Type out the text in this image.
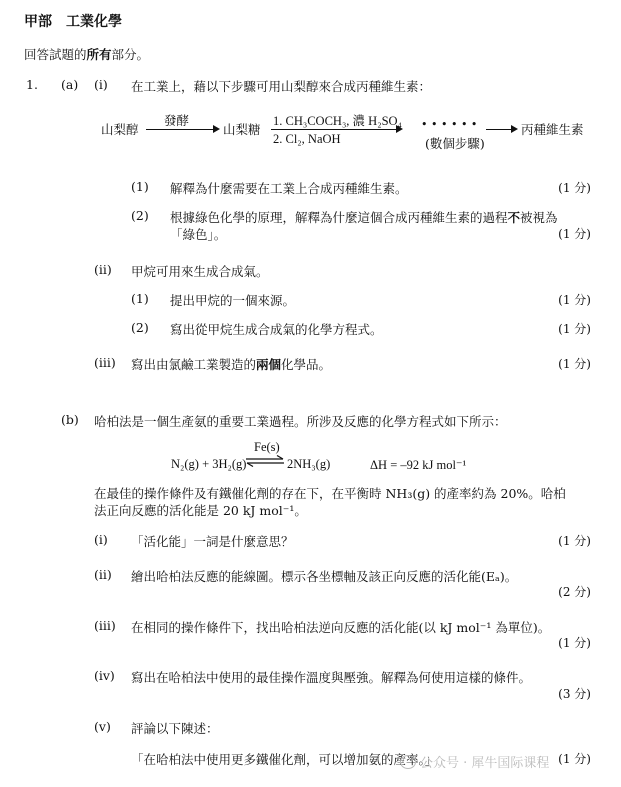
甲部　工業化學
回答試題的所有部分。
1. (a) (i) 在工業上，藉以下步驟可用山梨醇來合成丙種維生素：
山梨醇
發酵
山梨糖
1. CH₃COCH₃, 濃 H₂SO₄
2. Cl₂, NaOH
• • • • • •
(數個步驟)
丙種維生素
(1) 解釋為什麼需要在工業上合成丙種維生素。	(1 分)
(2) 根據綠色化學的原理，解釋為什麼這個合成丙種維生素的過程不被視為
「綠色」。	(1 分)
(ii) 甲烷可用來生成合成氣。
(1) 提出甲烷的一個來源。	(1 分)
(2) 寫出從甲烷生成合成氣的化學方程式。	(1 分)
(iii) 寫出由氯鹼工業製造的兩個化學品。	(1 分)
(b) 哈柏法是一個生產氨的重要工業過程。所涉及反應的化學方程式如下所示：
N₂(g) + 3H₂(g)
Fe(s)
⇌ 2NH₃(g)	ΔH = –92 kJ mol⁻¹
在最佳的操作條件及有鐵催化劑的存在下，在平衡時 NH₃(g) 的產率約為 20%。哈柏
法正向反應的活化能是 20 kJ mol⁻¹。
(i) 「活化能」一詞是什麼意思？	(1 分)
(ii) 繪出哈柏法反應的能線圖。標示各坐標軸及該正向反應的活化能(Eₐ)。
(2 分)
(iii) 在相同的操作條件下，找出哈柏法逆向反應的活化能(以 kJ mol⁻¹ 為單位)。
(1 分)
(iv) 寫出在哈柏法中使用的最佳操作溫度與壓強。解釋為何使用這樣的條件。
(3 分)
(v) 評論以下陳述：
「在哈柏法中使用更多鐵催化劑，可以增加氨的產率。」	(1 分)
公众号 · 犀牛国际课程
